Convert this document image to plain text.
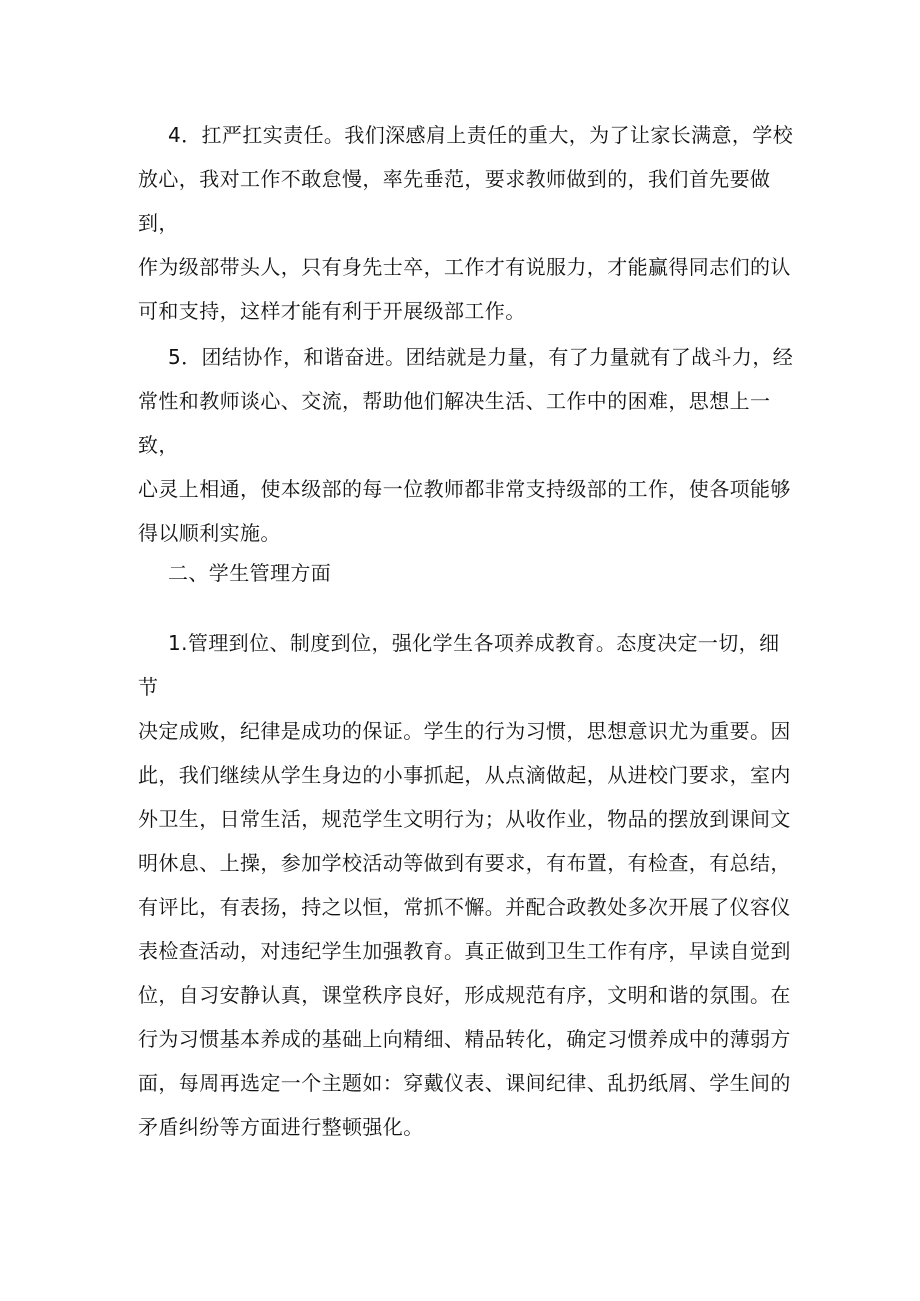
4．扛严扛实责任。我们深感肩上责任的重大，为了让家长满意，学校
放心，我对工作不敢怠慢，率先垂范，要求教师做到的，我们首先要做到，
作为级部带头人，只有身先士卒，工作才有说服力，才能赢得同志们的认
可和支持，这样才能有利于开展级部工作。

5．团结协作，和谐奋进。团结就是力量，有了力量就有了战斗力，经
常性和教师谈心、交流，帮助他们解决生活、工作中的困难，思想上一致，
心灵上相通，使本级部的每一位教师都非常支持级部的工作，使各项能够
得以顺利实施。

二、学生管理方面

1.管理到位、制度到位，强化学生各项养成教育。态度决定一切，细节
决定成败，纪律是成功的保证。学生的行为习惯，思想意识尤为重要。因
此，我们继续从学生身边的小事抓起，从点滴做起，从进校门要求，室内
外卫生，日常生活，规范学生文明行为；从收作业，物品的摆放到课间文
明休息、上操，参加学校活动等做到有要求，有布置，有检查，有总结，
有评比，有表扬，持之以恒，常抓不懈。并配合政教处多次开展了仪容仪
表检查活动，对违纪学生加强教育。真正做到卫生工作有序，早读自觉到
位，自习安静认真，课堂秩序良好，形成规范有序，文明和谐的氛围。在
行为习惯基本养成的基础上向精细、精品转化，确定习惯养成中的薄弱方
面，每周再选定一个主题如：穿戴仪表、课间纪律、乱扔纸屑、学生间的
矛盾纠纷等方面进行整顿强化。
